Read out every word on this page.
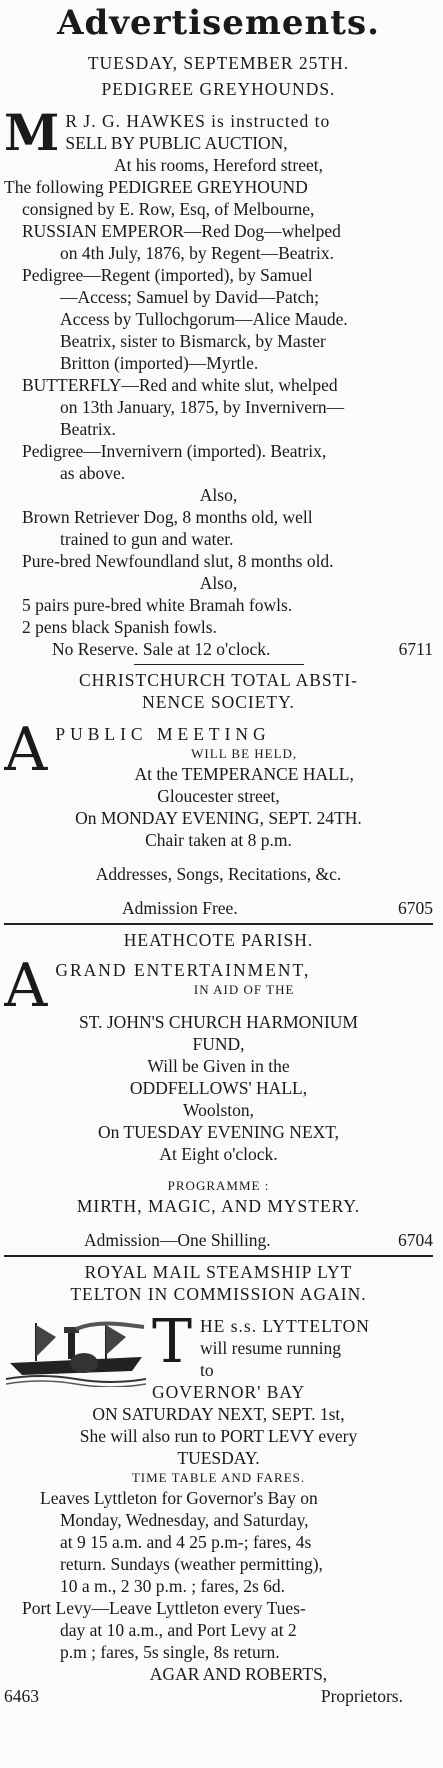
Advertisements.
TUESDAY, SEPTEMBER 25TH.
PEDIGREE GREYHOUNDS.
M R J. G. HAWKES is instructed to
SELL BY PUBLIC AUCTION,
At his rooms, Hereford street,
The following PEDIGREE GREYHOUND
consigned by E. Row, Esq, of Melbourne,
RUSSIAN EMPEROR—Red Dog—whelped
on 4th July, 1876, by Regent—Beatrix.
Pedigree—Regent (imported), by Samuel
—Access; Samuel by David—Patch;
Access by Tullochgorum—Alice Maude.
Beatrix, sister to Bismarck, by Master
Britton (imported)—Myrtle.
BUTTERFLY—Red and white slut, whelped
on 13th January, 1875, by Invernivern—
Beatrix.
Pedigree—Invernivern (imported). Beatrix,
as above.
Also,
Brown Retriever Dog, 8 months old, well
trained to gun and water.
Pure-bred Newfoundland slut, 8 months old.
Also,
5 pairs pure-bred white Bramah fowls.
2 pens black Spanish fowls.
No Reserve. Sale at 12 o'clock.	6711
CHRISTCHURCH TOTAL ABSTI-
NENCE SOCIETY.
A PUBLIC MEETING
WILL BE HELD,
At the TEMPERANCE HALL,
Gloucester street,
On MONDAY EVENING, SEPT. 24TH.
Chair taken at 8 p.m.
Addresses, Songs, Recitations, &c.
Admission Free.	6705
HEATHCOTE PARISH.
A GRAND ENTERTAINMENT,
IN AID OF THE
ST. JOHN'S CHURCH HARMONIUM
FUND,
Will be Given in the
ODDFELLOWS' HALL,
Woolston,
On TUESDAY EVENING NEXT,
At Eight o'clock.
PROGRAMME :
MIRTH, MAGIC, AND MYSTERY.
Admission—One Shilling.	6704
ROYAL MAIL STEAMSHIP LYT
TELTON IN COMMISSION AGAIN.
T HE s.s. LYTTELTON
will resume running
to
GOVERNOR' BAY
ON SATURDAY NEXT, SEPT. 1st,
She will also run to PORT LEVY every
TUESDAY.
TIME TABLE AND FARES.
Leaves Lyttleton for Governor's Bay on
Monday, Wednesday, and Saturday,
at 9 15 a.m. and 4 25 p.m-; fares, 4s
return. Sundays (weather permitting),
10 a m., 2 30 p.m. ; fares, 2s 6d.
Port Levy—Leave Lyttleton every Tues-
day at 10 a.m., and Port Levy at 2
p.m ; fares, 5s single, 8s return.
AGAR AND ROBERTS,
6463	Proprietors.
